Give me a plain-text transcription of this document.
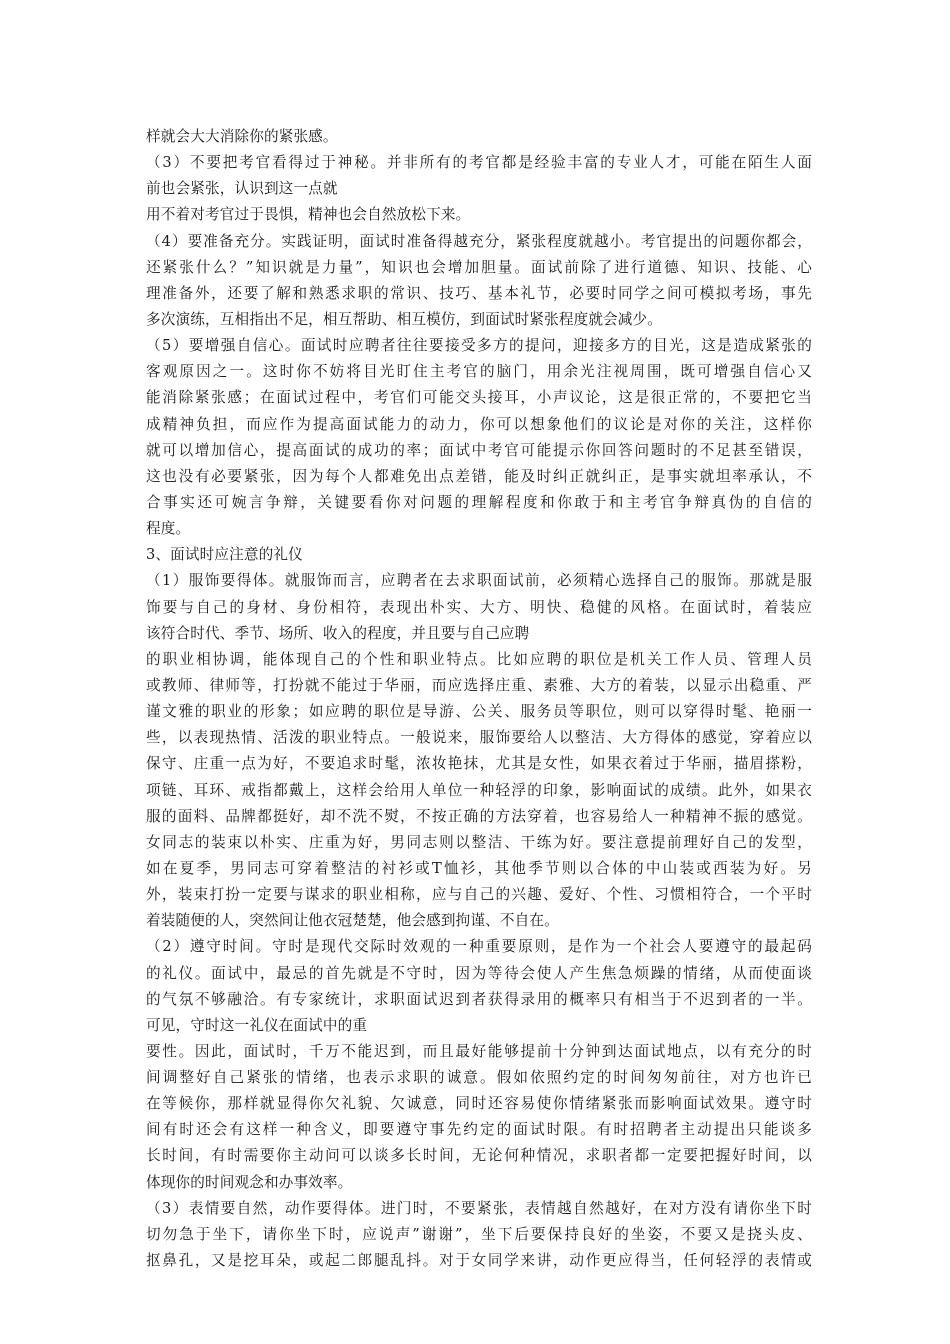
样就会大大消除你的紧张感。
（3）不要把考官看得过于神秘。并非所有的考官都是经验丰富的专业人才，可能在陌生人面
前也会紧张，认识到这一点就
用不着对考官过于畏惧，精神也会自然放松下来。
（4）要准备充分。实践证明，面试时准备得越充分，紧张程度就越小。考官提出的问题你都会，
还紧张什么？”知识就是力量”，知识也会增加胆量。面试前除了进行道德、知识、技能、心
理准备外，还要了解和熟悉求职的常识、技巧、基本礼节，必要时同学之间可模拟考场，事先
多次演练，互相指出不足，相互帮助、相互模仿，到面试时紧张程度就会减少。
（5）要增强自信心。面试时应聘者往往要接受多方的提问，迎接多方的目光，这是造成紧张的
客观原因之一。这时你不妨将目光盯住主考官的脑门，用余光注视周围，既可增强自信心又
能消除紧张感；在面试过程中，考官们可能交头接耳，小声议论，这是很正常的，不要把它当
成精神负担，而应作为提高面试能力的动力，你可以想象他们的议论是对你的关注，这样你
就可以增加信心，提高面试的成功的率；面试中考官可能提示你回答问题时的不足甚至错误，
这也没有必要紧张，因为每个人都难免出点差错，能及时纠正就纠正，是事实就坦率承认，不
合事实还可婉言争辩，关键要看你对问题的理解程度和你敢于和主考官争辩真伪的自信的
程度。
3、面试时应注意的礼仪
（1）服饰要得体。就服饰而言，应聘者在去求职面试前，必须精心选择自己的服饰。那就是服
饰要与自己的身材、身份相符，表现出朴实、大方、明快、稳健的风格。在面试时，着装应
该符合时代、季节、场所、收入的程度，并且要与自己应聘
的职业相协调，能体现自己的个性和职业特点。比如应聘的职位是机关工作人员、管理人员
或教师、律师等，打扮就不能过于华丽，而应选择庄重、素雅、大方的着装，以显示出稳重、严
谨文雅的职业的形象；如应聘的职位是导游、公关、服务员等职位，则可以穿得时髦、艳丽一
些，以表现热情、活泼的职业特点。一般说来，服饰要给人以整洁、大方得体的感觉，穿着应以
保守、庄重一点为好，不要追求时髦，浓妆艳抹，尤其是女性，如果衣着过于华丽，描眉搽粉，
项链、耳环、戒指都戴上，这样会给用人单位一种轻浮的印象，影响面试的成绩。此外，如果衣
服的面料、品牌都挺好，却不洗不熨，不按正确的方法穿着，也容易给人一种精神不振的感觉。
女同志的装束以朴实、庄重为好，男同志则以整洁、干练为好。要注意提前理好自己的发型，
如在夏季，男同志可穿着整洁的衬衫或T恤衫，其他季节则以合体的中山装或西装为好。另
外，装束打扮一定要与谋求的职业相称，应与自己的兴趣、爱好、个性、习惯相符合，一个平时
着装随便的人，突然间让他衣冠楚楚，他会感到拘谨、不自在。
（2）遵守时间。守时是现代交际时效观的一种重要原则，是作为一个社会人要遵守的最起码
的礼仪。面试中，最忌的首先就是不守时，因为等待会使人产生焦急烦躁的情绪，从而使面谈
的气氛不够融洽。有专家统计，求职面试迟到者获得录用的概率只有相当于不迟到者的一半。
可见，守时这一礼仪在面试中的重
要性。因此，面试时，千万不能迟到，而且最好能够提前十分钟到达面试地点，以有充分的时
间调整好自己紧张的情绪，也表示求职的诚意。假如依照约定的时间匆匆前往，对方也许已
在等候你，那样就显得你欠礼貌、欠诚意，同时还容易使你情绪紧张而影响面试效果。遵守时
间有时还会有这样一种含义，即要遵守事先约定的面试时限。有时招聘者主动提出只能谈多
长时间，有时需要你主动问可以谈多长时间，无论何种情况，求职者都一定要把握好时间，以
体现你的时间观念和办事效率。
（3）表情要自然，动作要得体。进门时，不要紧张，表情越自然越好，在对方没有请你坐下时
切勿急于坐下，请你坐下时，应说声”谢谢”，坐下后要保持良好的坐姿，不要又是挠头皮、
抠鼻孔，又是挖耳朵，或起二郎腿乱抖。对于女同学来讲，动作更应得当，任何轻浮的表情或
